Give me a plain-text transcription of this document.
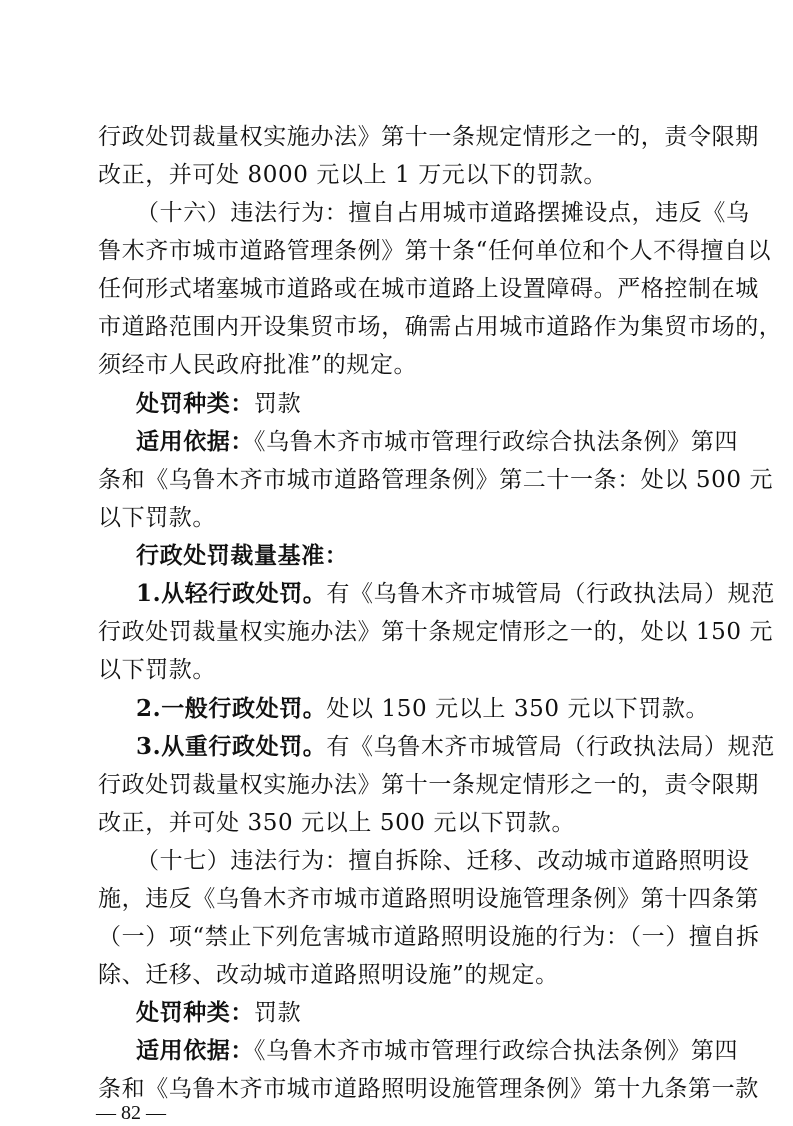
行政处罚裁量权实施办法》第十一条规定情形之一的，责令限期
改正，并可处 8000 元以上 1 万元以下的罚款。
（十六）违法行为：擅自占用城市道路摆摊设点，违反《乌
鲁木齐市城市道路管理条例》第十条“任何单位和个人不得擅自以
任何形式堵塞城市道路或在城市道路上设置障碍。严格控制在城
市道路范围内开设集贸市场，确需占用城市道路作为集贸市场的，
须经市人民政府批准”的规定。
处罚种类：罚款
适用依据：《乌鲁木齐市城市管理行政综合执法条例》第四
条和《乌鲁木齐市城市道路管理条例》第二十一条：处以 500 元
以下罚款。
行政处罚裁量基准：
1.从轻行政处罚。有《乌鲁木齐市城管局（行政执法局）规范
行政处罚裁量权实施办法》第十条规定情形之一的，处以 150 元
以下罚款。
2.一般行政处罚。处以 150 元以上 350 元以下罚款。
3.从重行政处罚。有《乌鲁木齐市城管局（行政执法局）规范
行政处罚裁量权实施办法》第十一条规定情形之一的，责令限期
改正，并可处 350 元以上 500 元以下罚款。
（十七）违法行为：擅自拆除、迁移、改动城市道路照明设
施，违反《乌鲁木齐市城市道路照明设施管理条例》第十四条第
（一）项“禁止下列危害城市道路照明设施的行为：（一）擅自拆
除、迁移、改动城市道路照明设施”的规定。
处罚种类：罚款
适用依据：《乌鲁木齐市城市管理行政综合执法条例》第四
条和《乌鲁木齐市城市道路照明设施管理条例》第十九条第一款
— 82 —
